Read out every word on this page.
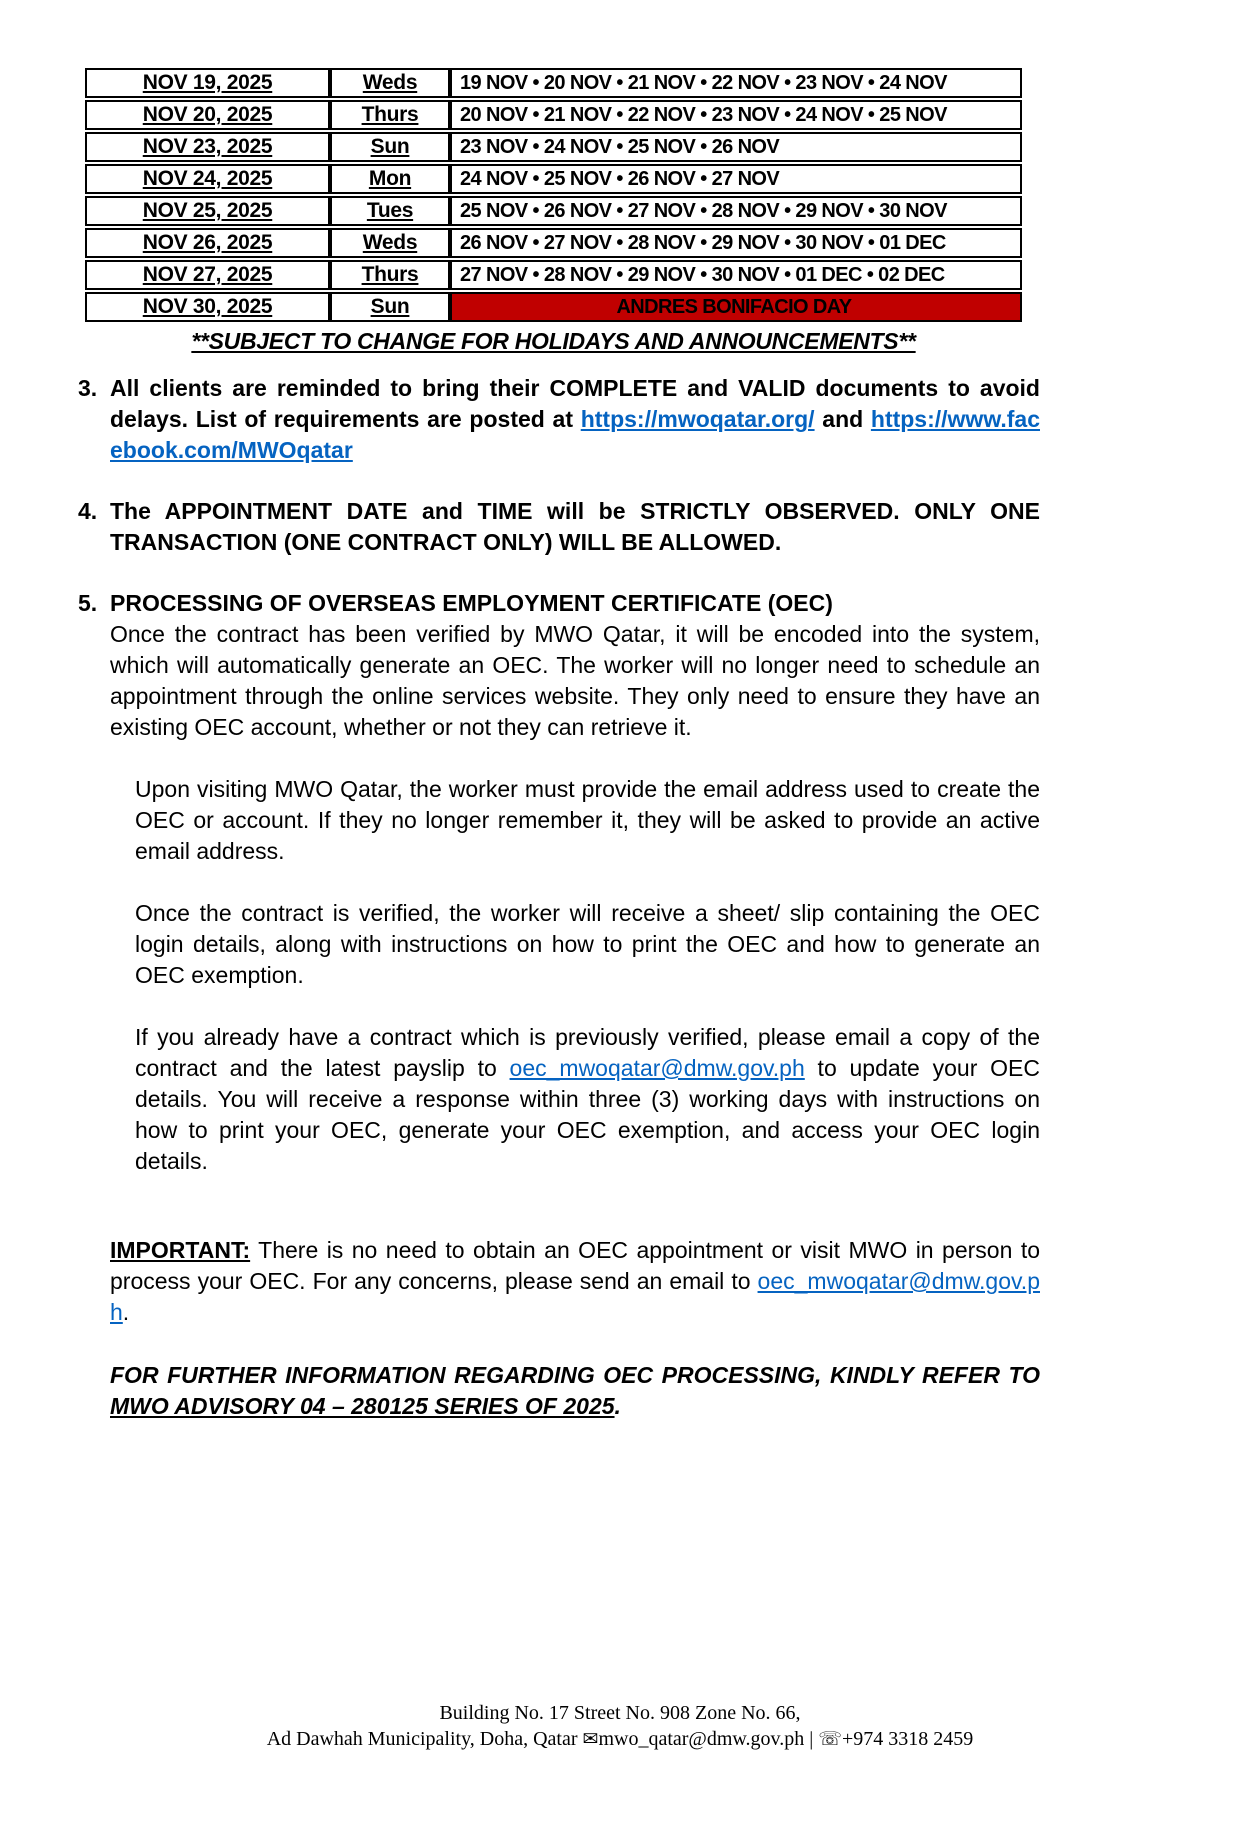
NOV 19, 2025	Weds	19 NOV • 20 NOV • 21 NOV • 22 NOV • 23 NOV • 24 NOV
NOV 20, 2025	Thurs	20 NOV • 21 NOV • 22 NOV • 23 NOV • 24 NOV • 25 NOV
NOV 23, 2025	Sun	23 NOV • 24 NOV • 25 NOV • 26 NOV
NOV 24, 2025	Mon	24 NOV • 25 NOV • 26 NOV • 27 NOV
NOV 25, 2025	Tues	25 NOV • 26 NOV • 27 NOV • 28 NOV • 29 NOV • 30 NOV
NOV 26, 2025	Weds	26 NOV • 27 NOV • 28 NOV • 29 NOV • 30 NOV • 01 DEC
NOV 27, 2025	Thurs	27 NOV • 28 NOV • 29 NOV • 30 NOV • 01 DEC • 02 DEC
NOV 30, 2025	Sun	ANDRES BONIFACIO DAY
**SUBJECT TO CHANGE FOR HOLIDAYS AND ANNOUNCEMENTS**
3. All clients are reminded to bring their COMPLETE and VALID documents to avoid delays. List of requirements are posted at https://mwoqatar.org/ and https://www.facebook.com/MWOqatar
4. The APPOINTMENT DATE and TIME will be STRICTLY OBSERVED. ONLY ONE TRANSACTION (ONE CONTRACT ONLY) WILL BE ALLOWED.
5. PROCESSING OF OVERSEAS EMPLOYMENT CERTIFICATE (OEC)
Once the contract has been verified by MWO Qatar, it will be encoded into the system, which will automatically generate an OEC. The worker will no longer need to schedule an appointment through the online services website. They only need to ensure they have an existing OEC account, whether or not they can retrieve it.
Upon visiting MWO Qatar, the worker must provide the email address used to create the OEC or account. If they no longer remember it, they will be asked to provide an active email address.
Once the contract is verified, the worker will receive a sheet/ slip containing the OEC login details, along with instructions on how to print the OEC and how to generate an OEC exemption.
If you already have a contract which is previously verified, please email a copy of the contract and the latest payslip to oec_mwoqatar@dmw.gov.ph to update your OEC details. You will receive a response within three (3) working days with instructions on how to print your OEC, generate your OEC exemption, and access your OEC login details.
IMPORTANT: There is no need to obtain an OEC appointment or visit MWO in person to process your OEC. For any concerns, please send an email to oec_mwoqatar@dmw.gov.ph.
FOR FURTHER INFORMATION REGARDING OEC PROCESSING, KINDLY REFER TO MWO ADVISORY 04 – 280125 SERIES OF 2025.
Building No. 17 Street No. 908 Zone No. 66,
Ad Dawhah Municipality, Doha, Qatar ✉mwo_qatar@dmw.gov.ph | ☏+974 3318 2459
